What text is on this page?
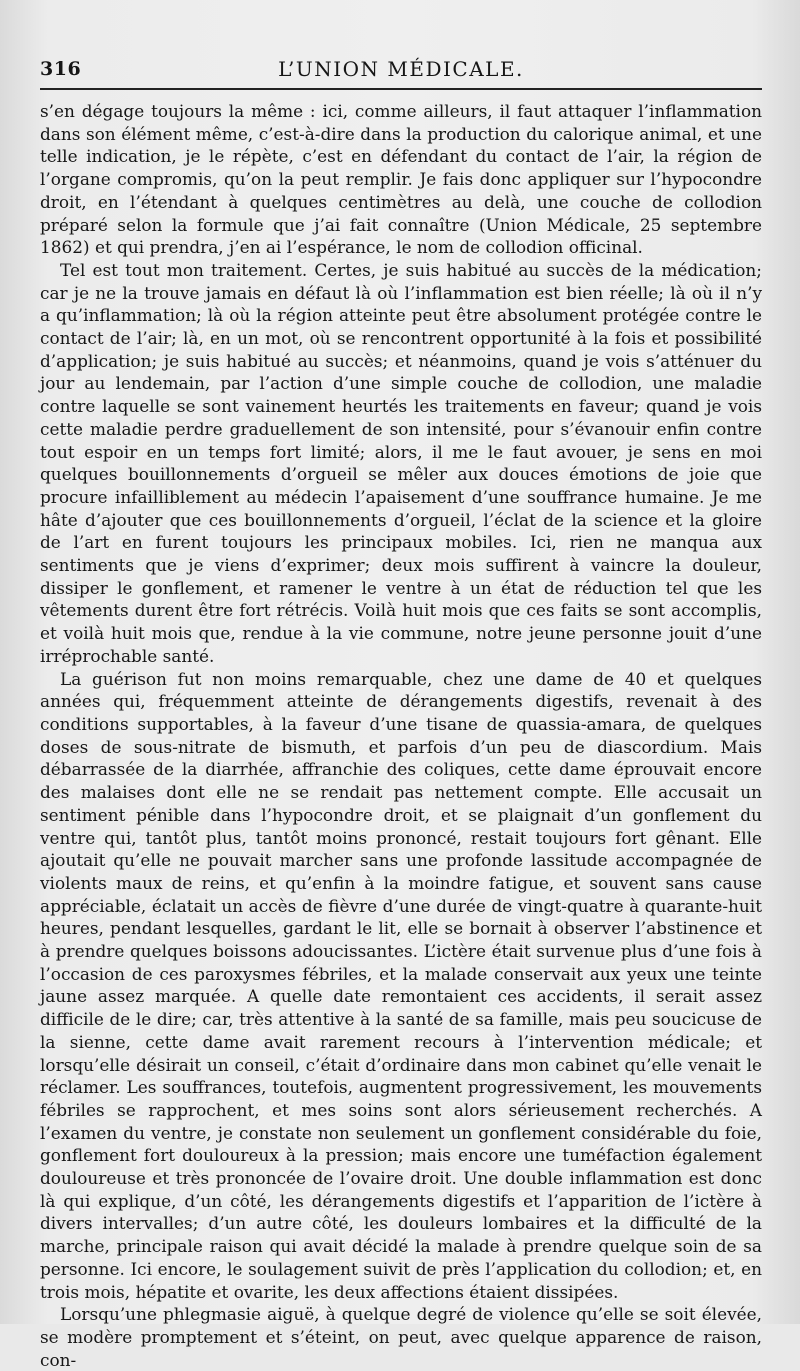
316	L’UNION MÉDICALE.

s’en dégage toujours la même : ici, comme ailleurs, il faut attaquer l’inflammation dans son élément même, c’est-à-dire dans la production du calorique animal, et une telle indication, je le répète, c’est en défendant du contact de l’air, la région de l’organe compromis, qu’on la peut remplir. Je fais donc appliquer sur l’hypocondre droit, en l’étendant à quelques centimètres au delà, une couche de collodion préparé selon la formule que j’ai fait connaître (Union Médicale, 25 septembre 1862) et qui prendra, j’en ai l’espérance, le nom de collodion officinal.

Tel est tout mon traitement. Certes, je suis habitué au succès de la médication; car je ne la trouve jamais en défaut là où l’inflammation est bien réelle; là où il n’y a qu’inflammation; là où la région atteinte peut être absolument protégée contre le contact de l’air; là, en un mot, où se rencontrent opportunité à la fois et possibilité d’application; je suis habitué au succès; et néanmoins, quand je vois s’atténuer du jour au lendemain, par l’action d’une simple couche de collodion, une maladie contre laquelle se sont vainement heurtés les traitements en faveur; quand je vois cette maladie perdre graduellement de son intensité, pour s’évanouir enfin contre tout espoir en un temps fort limité; alors, il me le faut avouer, je sens en moi quelques bouillonnements d’orgueil se mêler aux douces émotions de joie que procure infailliblement au médecin l’apaisement d’une souffrance humaine. Je me hâte d’ajouter que ces bouillonnements d’orgueil, l’éclat de la science et la gloire de l’art en furent toujours les principaux mobiles. Ici, rien ne manqua aux sentiments que je viens d’exprimer; deux mois suffirent à vaincre la douleur, dissiper le gonflement, et ramener le ventre à un état de réduction tel que les vêtements durent être fort rétrécis. Voilà huit mois que ces faits se sont accomplis, et voilà huit mois que, rendue à la vie commune, notre jeune personne jouit d’une irréprochable santé.

La guérison fut non moins remarquable, chez une dame de 40 et quelques années qui, fréquemment atteinte de dérangements digestifs, revenait à des conditions supportables, à la faveur d’une tisane de quassia-amara, de quelques doses de sous-nitrate de bismuth, et parfois d’un peu de diascordium. Mais débarrassée de la diarrhée, affranchie des coliques, cette dame éprouvait encore des malaises dont elle ne se rendait pas nettement compte. Elle accusait un sentiment pénible dans l’hypocondre droit, et se plaignait d’un gonflement du ventre qui, tantôt plus, tantôt moins prononcé, restait toujours fort gênant. Elle ajoutait qu’elle ne pouvait marcher sans une profonde lassitude accompagnée de violents maux de reins, et qu’enfin à la moindre fatigue, et souvent sans cause appréciable, éclatait un accès de fièvre d’une durée de vingt-quatre à quarante-huit heures, pendant lesquelles, gardant le lit, elle se bornait à observer l’abstinence et à prendre quelques boissons adoucissantes. L’ictère était survenue plus d’une fois à l’occasion de ces paroxysmes fébriles, et la malade conservait aux yeux une teinte jaune assez marquée. A quelle date remontaient ces accidents, il serait assez difficile de le dire; car, très attentive à la santé de sa famille, mais peu soucicuse de la sienne, cette dame avait rarement recours à l’intervention médicale; et lorsqu’elle désirait un conseil, c’était d’ordinaire dans mon cabinet qu’elle venait le réclamer. Les souffrances, toutefois, augmentent progressivement, les mouvements fébriles se rapprochent, et mes soins sont alors sérieusement recherchés. A l’examen du ventre, je constate non seulement un gonflement considérable du foie, gonflement fort douloureux à la pression; mais encore une tuméfaction également douloureuse et très prononcée de l’ovaire droit. Une double inflammation est donc là qui explique, d’un côté, les dérangements digestifs et l’apparition de l’ictère à divers intervalles; d’un autre côté, les douleurs lombaires et la difficulté de la marche, principale raison qui avait décidé la malade à prendre quelque soin de sa personne. Ici encore, le soulagement suivit de près l’application du collodion; et, en trois mois, hépatite et ovarite, les deux affections étaient dissipées.

Lorsqu’une phlegmasie aiguë, à quelque degré de violence qu’elle se soit élevée, se modère promptement et s’éteint, on peut, avec quelque apparence de raison, con-
